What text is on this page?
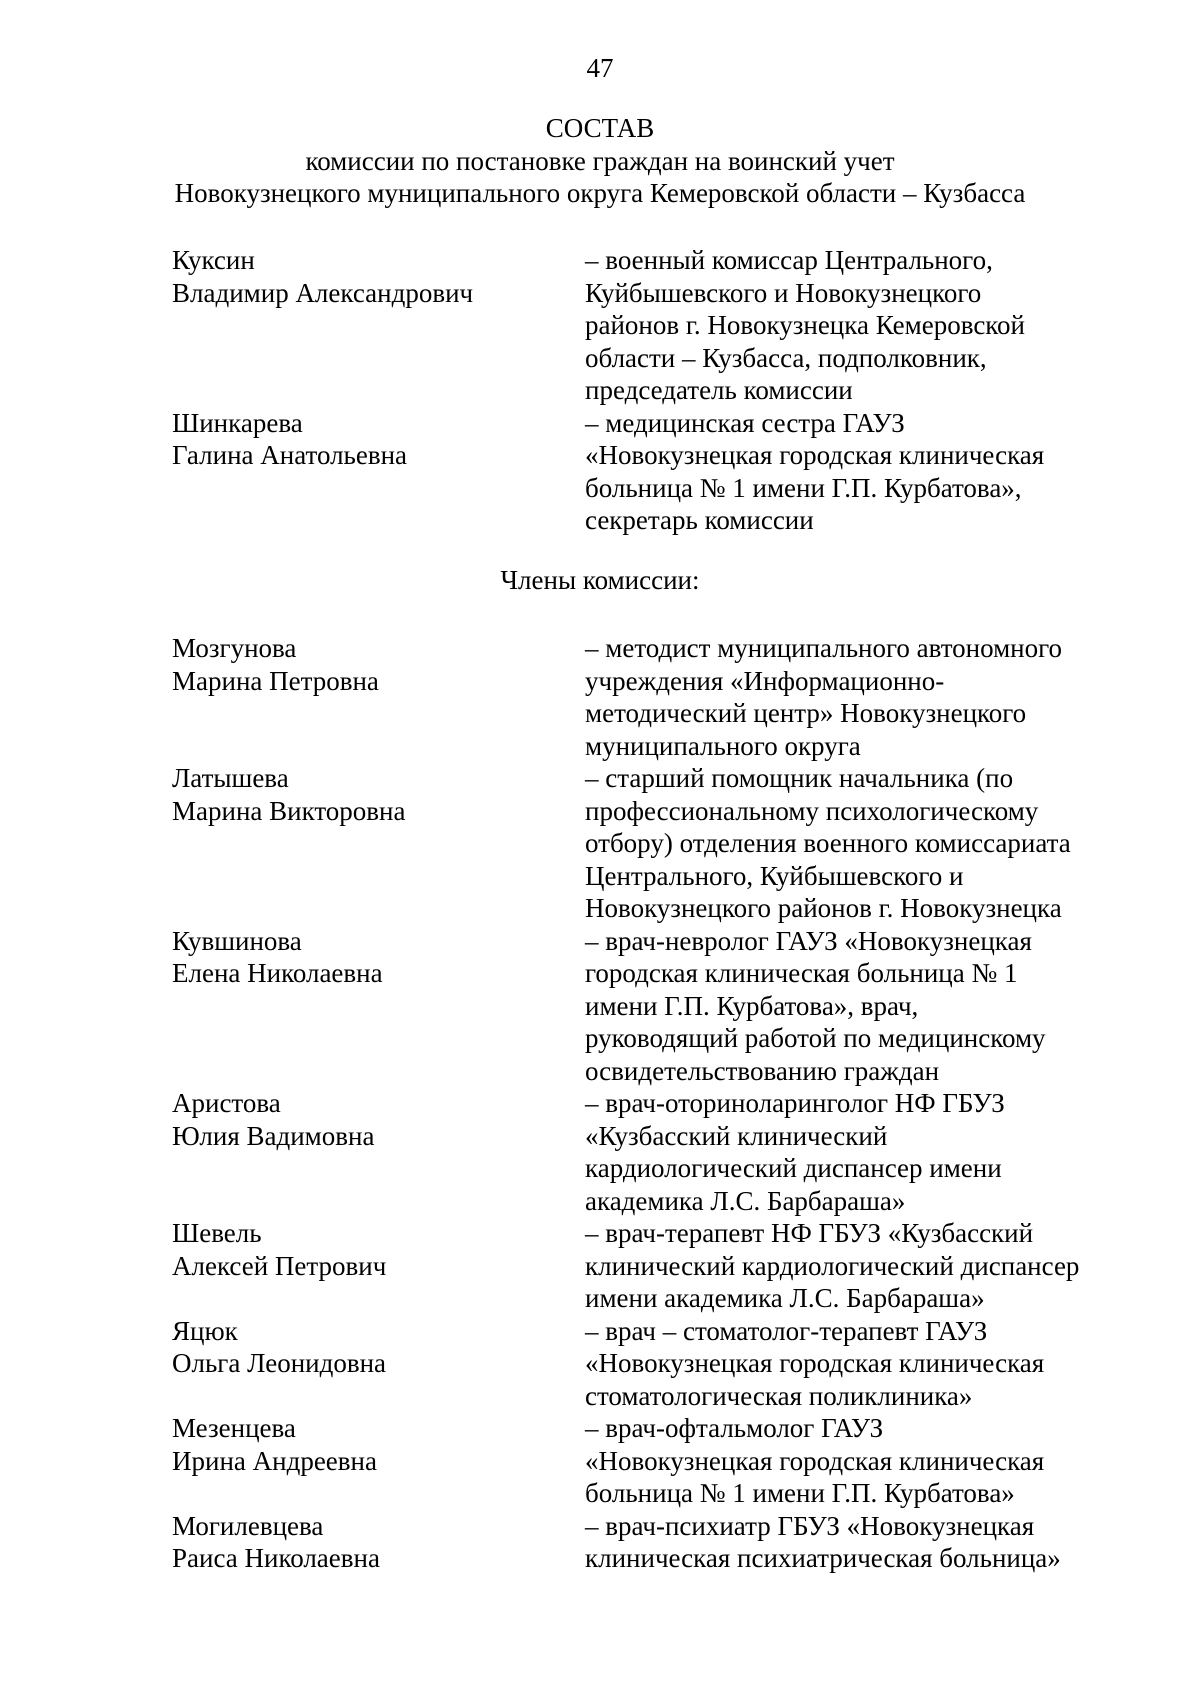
47
СОСТАВ
комиссии по постановке граждан на воинский учет
Новокузнецкого муниципального округа Кемеровской области – Кузбасса
Куксин
Владимир Александрович
– военный комиссар Центрального,
Куйбышевского и Новокузнецкого
районов г. Новокузнецка Кемеровской
области – Кузбасса, подполковник,
председатель комиссии
Шинкарева
Галина Анатольевна
– медицинская сестра ГАУЗ
«Новокузнецкая городская клиническая
больница № 1 имени Г.П. Курбатова»,
секретарь комиссии
Члены комиссии:
Мозгунова
Марина Петровна
– методист муниципального автономного
учреждения «Информационно-
методический центр» Новокузнецкого
муниципального округа
Латышева
Марина Викторовна
– старший помощник начальника (по
профессиональному психологическому
отбору) отделения военного комиссариата
Центрального, Куйбышевского и
Новокузнецкого районов г. Новокузнецка
Кувшинова
Елена Николаевна
– врач-невролог ГАУЗ «Новокузнецкая
городская клиническая больница № 1
имени Г.П. Курбатова», врач,
руководящий работой по медицинскому
освидетельствованию граждан
Аристова
Юлия Вадимовна
– врач-оториноларинголог НФ ГБУЗ
«Кузбасский клинический
кардиологический диспансер имени
академика Л.С. Барбараша»
Шевель
Алексей Петрович
– врач-терапевт НФ ГБУЗ «Кузбасский
клинический кардиологический диспансер
имени академика Л.С. Барбараша»
Яцюк
Ольга Леонидовна
– врач – стоматолог-терапевт ГАУЗ
«Новокузнецкая городская клиническая
стоматологическая поликлиника»
Мезенцева
Ирина Андреевна
– врач-офтальмолог ГАУЗ
«Новокузнецкая городская клиническая
больница № 1 имени Г.П. Курбатова»
Могилевцева
Раиса Николаевна
– врач-психиатр ГБУЗ «Новокузнецкая
клиническая психиатрическая больница»
